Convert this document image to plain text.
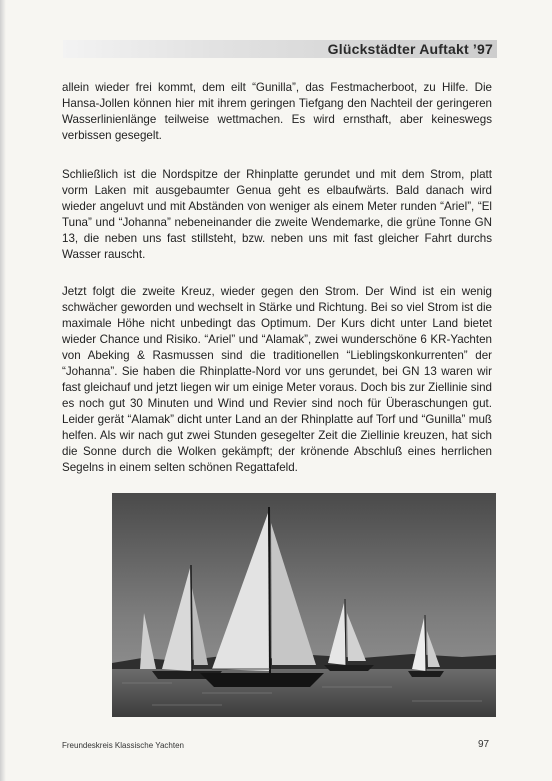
Glückstädter Auftakt ’97
allein wieder frei kommt, dem eilt “Gunilla”, das Festmacherboot, zu Hilfe. Die Hansa-Jollen können hier mit ihrem geringen Tiefgang den Nachteil der geringeren Wasserlinienlänge teilweise wettmachen. Es wird ernsthaft, aber keineswegs verbissen gesegelt.
Schließlich ist die Nordspitze der Rhinplatte gerundet und mit dem Strom, platt vorm Laken mit ausgebaumter Genua geht es elbaufwärts. Bald danach wird wieder angeluvt und mit Abständen von weniger als einem Meter runden “Ariel”, “El Tuna” und “Johanna” nebeneinander die zweite Wendemarke, die grüne Tonne GN 13, die neben uns fast stillsteht, bzw. neben uns mit fast gleicher Fahrt durchs Wasser rauscht.
Jetzt folgt die zweite Kreuz, wieder gegen den Strom. Der Wind ist ein wenig schwächer geworden und wechselt in Stärke und Richtung. Bei so viel Strom ist die maximale Höhe nicht unbedingt das Optimum. Der Kurs dicht unter Land bietet wieder Chance und Risiko. “Ariel” und “Alamak”, zwei wunderschöne 6 KR-Yachten von Abeking & Rasmussen sind die traditionellen “Lieblingskonkurrenten” der “Johanna”. Sie haben die Rhinplatte-Nord vor uns gerundet, bei GN 13 waren wir fast gleichauf und jetzt liegen wir um einige Meter voraus. Doch bis zur Ziellinie sind es noch gut 30 Minuten und Wind und Revier sind noch für Überaschungen gut. Leider gerät “Alamak” dicht unter Land an der Rhinplatte auf Torf und “Gunilla” muß helfen. Als wir nach gut zwei Stunden gesegelter Zeit die Ziellinie kreuzen, hat sich die Sonne durch die Wolken gekämpft; der krönende Abschluß eines herrlichen Segelns in einem selten schönen Regattafeld.
Freundeskreis Klassische Yachten	97
